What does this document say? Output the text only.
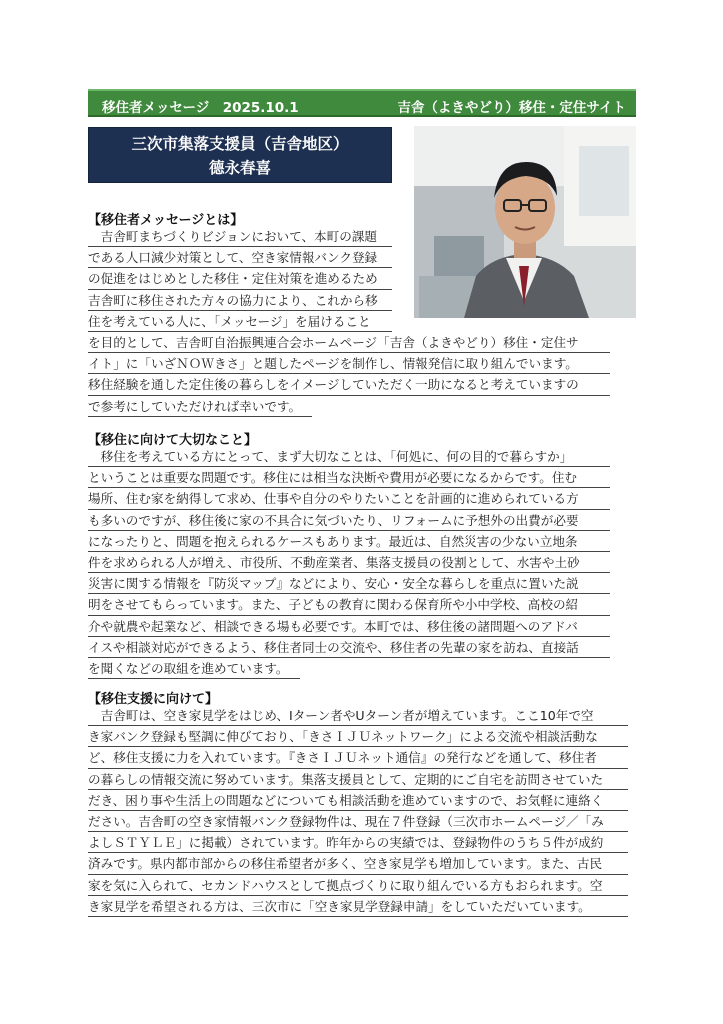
移住者メッセージ　2025.10.1	吉舎（よきやどり）移住・定住サイト
三次市集落支援員（吉舎地区）
德永春喜
【移住者メッセージとは】
　吉舎町まちづくりビジョンにおいて、本町の課題
である人口減少対策として、空き家情報バンク登録
の促進をはじめとした移住・定住対策を進めるため
吉舎町に移住された方々の協力により、これから移
住を考えている人に、「メッセージ」を届けること
を目的として、吉舎町自治振興連合会ホームページ「吉舎（よきやどり）移住・定住サ
イト」に「いざＮＯＷきさ」と題したページを制作し、情報発信に取り組んでいます。
移住経験を通した定住後の暮らしをイメージしていただく一助になると考えていますの
で参考にしていただければ幸いです。
【移住に向けて大切なこと】
　移住を考えている方にとって、まず大切なことは、「何処に、何の目的で暮らすか」
ということは重要な問題です。移住には相当な決断や費用が必要になるからです。住む
場所、住む家を納得して求め、仕事や自分のやりたいことを計画的に進められている方
も多いのですが、移住後に家の不具合に気づいたり、リフォームに予想外の出費が必要
になったりと、問題を抱えられるケースもあります。最近は、自然災害の少ない立地条
件を求められる人が増え、市役所、不動産業者、集落支援員の役割として、水害や土砂
災害に関する情報を『防災マップ』などにより、安心・安全な暮らしを重点に置いた説
明をさせてもらっています。また、子どもの教育に関わる保育所や小中学校、高校の紹
介や就農や起業など、相談できる場も必要です。本町では、移住後の諸問題へのアドバ
イスや相談対応ができるよう、移住者同士の交流や、移住者の先輩の家を訪ね、直接話
を聞くなどの取組を進めています。
【移住支援に向けて】
　吉舎町は、空き家見学をはじめ、Iターン者やUターン者が増えています。ここ10年で空
き家バンク登録も堅調に伸びており、「きさＩＪＵネットワーク」による交流や相談活動な
ど、移住支援に力を入れています。『きさＩＪＵネット通信』の発行などを通して、移住者
の暮らしの情報交流に努めています。集落支援員として、定期的にご自宅を訪問させていた
だき、困り事や生活上の問題などについても相談活動を進めていますので、お気軽に連絡く
ださい。吉舎町の空き家情報バンク登録物件は、現在７件登録（三次市ホームページ／「み
よしＳＴＹＬＥ」に掲載）されています。昨年からの実績では、登録物件のうち５件が成約
済みです。県内都市部からの移住希望者が多く、空き家見学も増加しています。また、古民
家を気に入られて、セカンドハウスとして拠点づくりに取り組んでいる方もおられます。空
き家見学を希望される方は、三次市に「空き家見学登録申請」をしていただいています。
